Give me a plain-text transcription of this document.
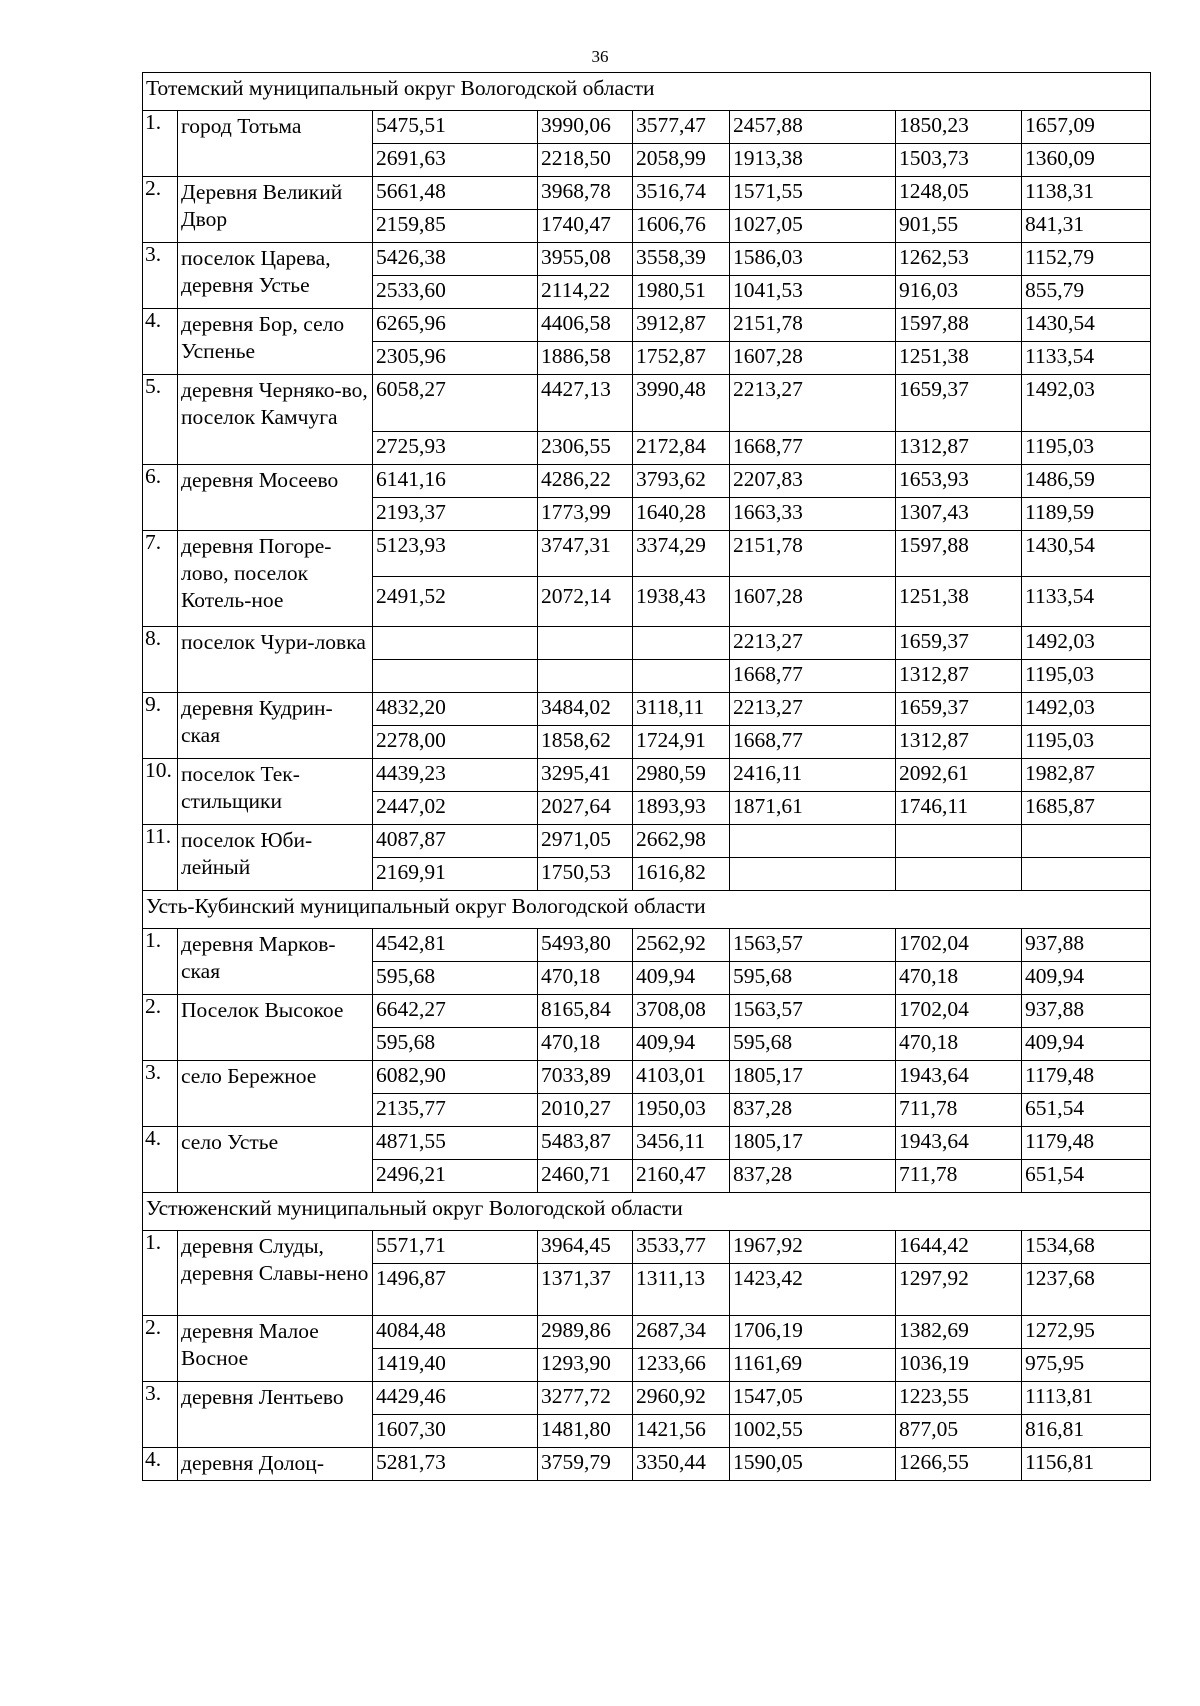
36
Тотемский муниципальный округ Вологодской области							
1.	город Тотьма	5475,51	3990,06	3577,47	2457,88	1850,23	1657,09
		2691,63	2218,50	2058,99	1913,38	1503,73	1360,09
2.	Деревня Великий Двор	5661,48	3968,78	3516,74	1571,55	1248,05	1138,31
		2159,85	1740,47	1606,76	1027,05	901,55	841,31
3.	поселок Царева, деревня Устье	5426,38	3955,08	3558,39	1586,03	1262,53	1152,79
		2533,60	2114,22	1980,51	1041,53	916,03	855,79
4.	деревня Бор, село Успенье	6265,96	4406,58	3912,87	2151,78	1597,88	1430,54
		2305,96	1886,58	1752,87	1607,28	1251,38	1133,54
5.	деревня Черняко-во, поселок Камчуга	6058,27	4427,13	3990,48	2213,27	1659,37	1492,03
		2725,93	2306,55	2172,84	1668,77	1312,87	1195,03
6.	деревня Мосеево	6141,16	4286,22	3793,62	2207,83	1653,93	1486,59
		2193,37	1773,99	1640,28	1663,33	1307,43	1189,59
7.	деревня Погоре-лово, поселок Котель-ное	5123,93	3747,31	3374,29	2151,78	1597,88	1430,54
		2491,52	2072,14	1938,43	1607,28	1251,38	1133,54
8.	поселок Чури-ловка				2213,27	1659,37	1492,03
					1668,77	1312,87	1195,03
9.	деревня Кудрин-ская	4832,20	3484,02	3118,11	2213,27	1659,37	1492,03
		2278,00	1858,62	1724,91	1668,77	1312,87	1195,03
10.	поселок Тек-стильщики	4439,23	3295,41	2980,59	2416,11	2092,61	1982,87
		2447,02	2027,64	1893,93	1871,61	1746,11	1685,87
11.	поселок Юби-лейный	4087,87	2971,05	2662,98			
		2169,91	1750,53	1616,82			
Усть-Кубинский муниципальный округ Вологодской области							
1.	деревня Марков-ская	4542,81	5493,80	2562,92	1563,57	1702,04	937,88
		595,68	470,18	409,94	595,68	470,18	409,94
2.	Поселок Высокое	6642,27	8165,84	3708,08	1563,57	1702,04	937,88
		595,68	470,18	409,94	595,68	470,18	409,94
3.	село Бережное	6082,90	7033,89	4103,01	1805,17	1943,64	1179,48
		2135,77	2010,27	1950,03	837,28	711,78	651,54
4.	село Устье	4871,55	5483,87	3456,11	1805,17	1943,64	1179,48
		2496,21	2460,71	2160,47	837,28	711,78	651,54
Устюженский муниципальный округ Вологодской области							
1.	деревня Слуды, деревня Славы-нено	5571,71	3964,45	3533,77	1967,92	1644,42	1534,68
		1496,87	1371,37	1311,13	1423,42	1297,92	1237,68
2.	деревня Малое Восное	4084,48	2989,86	2687,34	1706,19	1382,69	1272,95
		1419,40	1293,90	1233,66	1161,69	1036,19	975,95
3.	деревня Лентьево	4429,46	3277,72	2960,92	1547,05	1223,55	1113,81
		1607,30	1481,80	1421,56	1002,55	877,05	816,81
4.	деревня Долоц-	5281,73	3759,79	3350,44	1590,05	1266,55	1156,81
